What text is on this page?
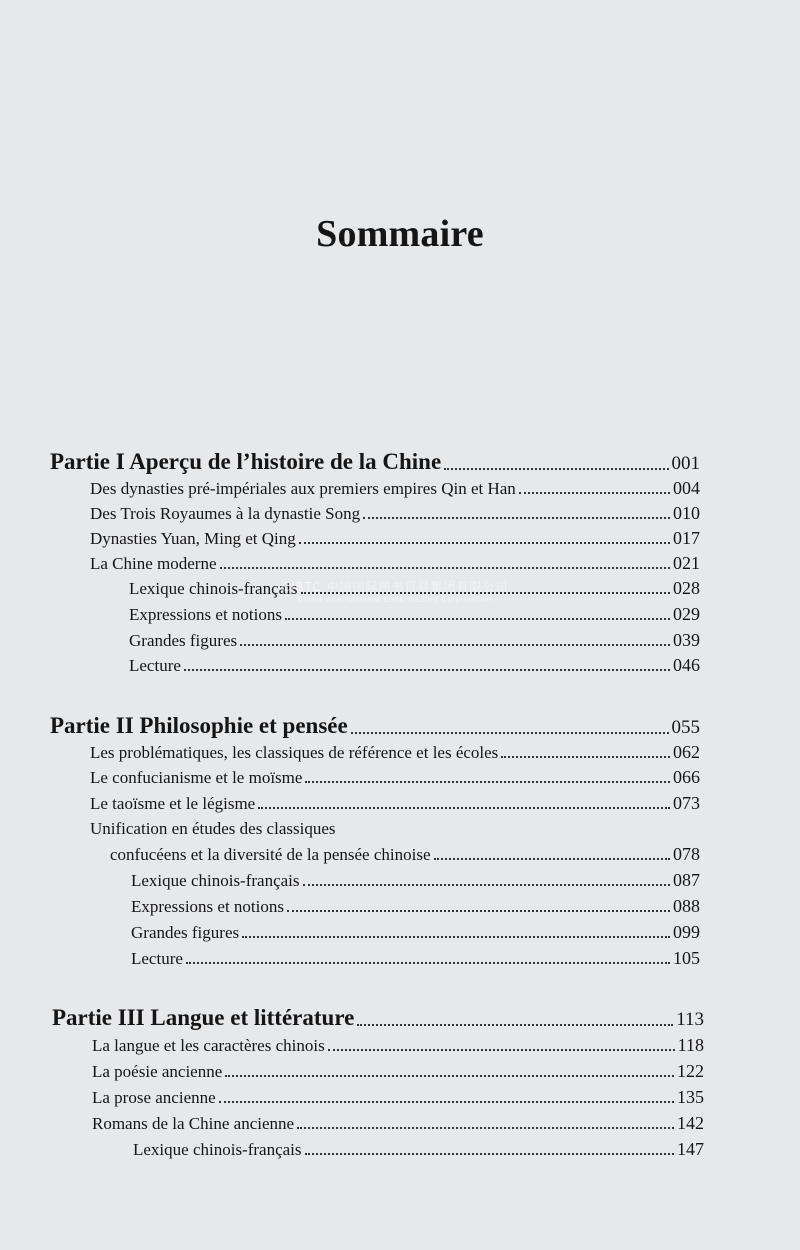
Sommaire
Partie I Aperçu de l’histoire de la Chine	001
Des dynasties pré-impériales aux premiers empires Qin et Han	004
Des Trois Royaumes à la dynastie Song	010
Dynasties Yuan, Ming et Qing	017
La Chine moderne	021
Lexique chinois-français	028
Expressions et notions	029
Grandes figures	039
Lecture	046
Partie II Philosophie et pensée	055
Les problématiques, les classiques de référence et les écoles	062
Le confucianisme et le moïsme	066
Le taoïsme et le légisme	073
Unification en études des classiques
confucéens et la diversité de la pensée chinoise	078
Lexique chinois-français	087
Expressions et notions	088
Grandes figures	099
Lecture	105
Partie III Langue et littérature	113
La langue et les caractères chinois	118
La poésie ancienne	122
La prose ancienne	135
Romans de la Chine ancienne	142
Lexique chinois-français	147
CIBTC 中国国际图书贸易集团有限公司
China International Book Trading Corporation
